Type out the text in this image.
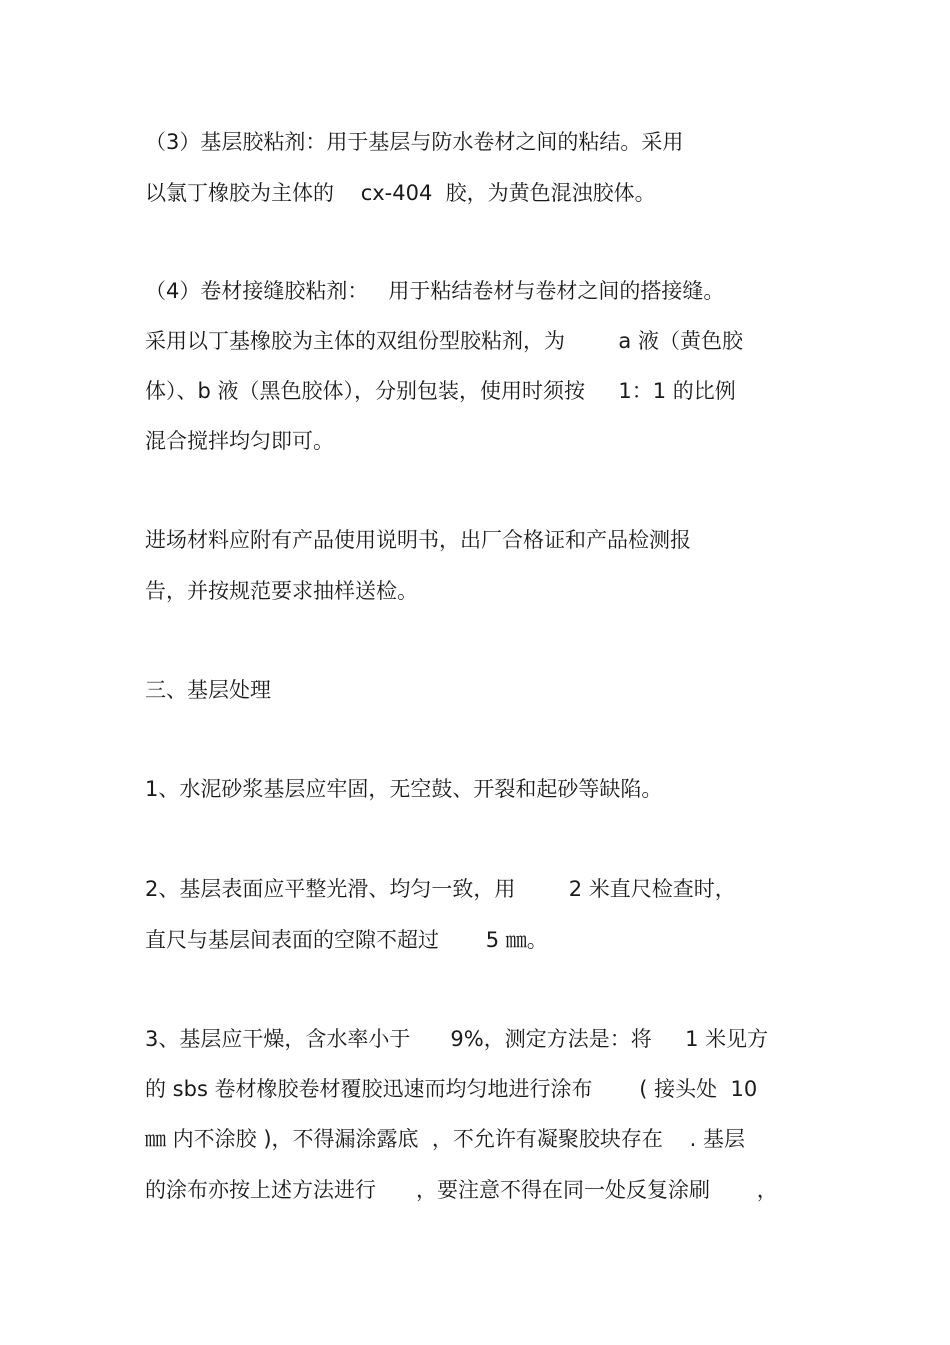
（3）基层胶粘剂：用于基层与防水卷材之间的粘结。采用
以氯丁橡胶为主体的    cx-404  胶，为黄色混浊胶体。
（4）卷材接缝胶粘剂：   用于粘结卷材与卷材之间的搭接缝。
采用以丁基橡胶为主体的双组份型胶粘剂，为        a 液（黄色胶
体）、b 液（黑色胶体），分别包装，使用时须按     1：1 的比例
混合搅拌均匀即可。
进场材料应附有产品使用说明书，出厂合格证和产品检测报
告，并按规范要求抽样送检。
三、基层处理
1、水泥砂浆基层应牢固，无空鼓、开裂和起砂等缺陷。
2、基层表面应平整光滑、均匀一致，用        2 米直尺检查时，
直尺与基层间表面的空隙不超过       5 ㎜。
3、基层应干燥，含水率小于      9%，测定方法是：将     1 米见方
的 sbs 卷材橡胶卷材覆胶迅速而均匀地进行涂布       ( 接头处  10
㎜ 内不涂胶 )，不得漏涂露底  ，不允许有凝聚胶块存在    . 基层
的涂布亦按上述方法进行      ，要注意不得在同一处反复涂刷       ，
